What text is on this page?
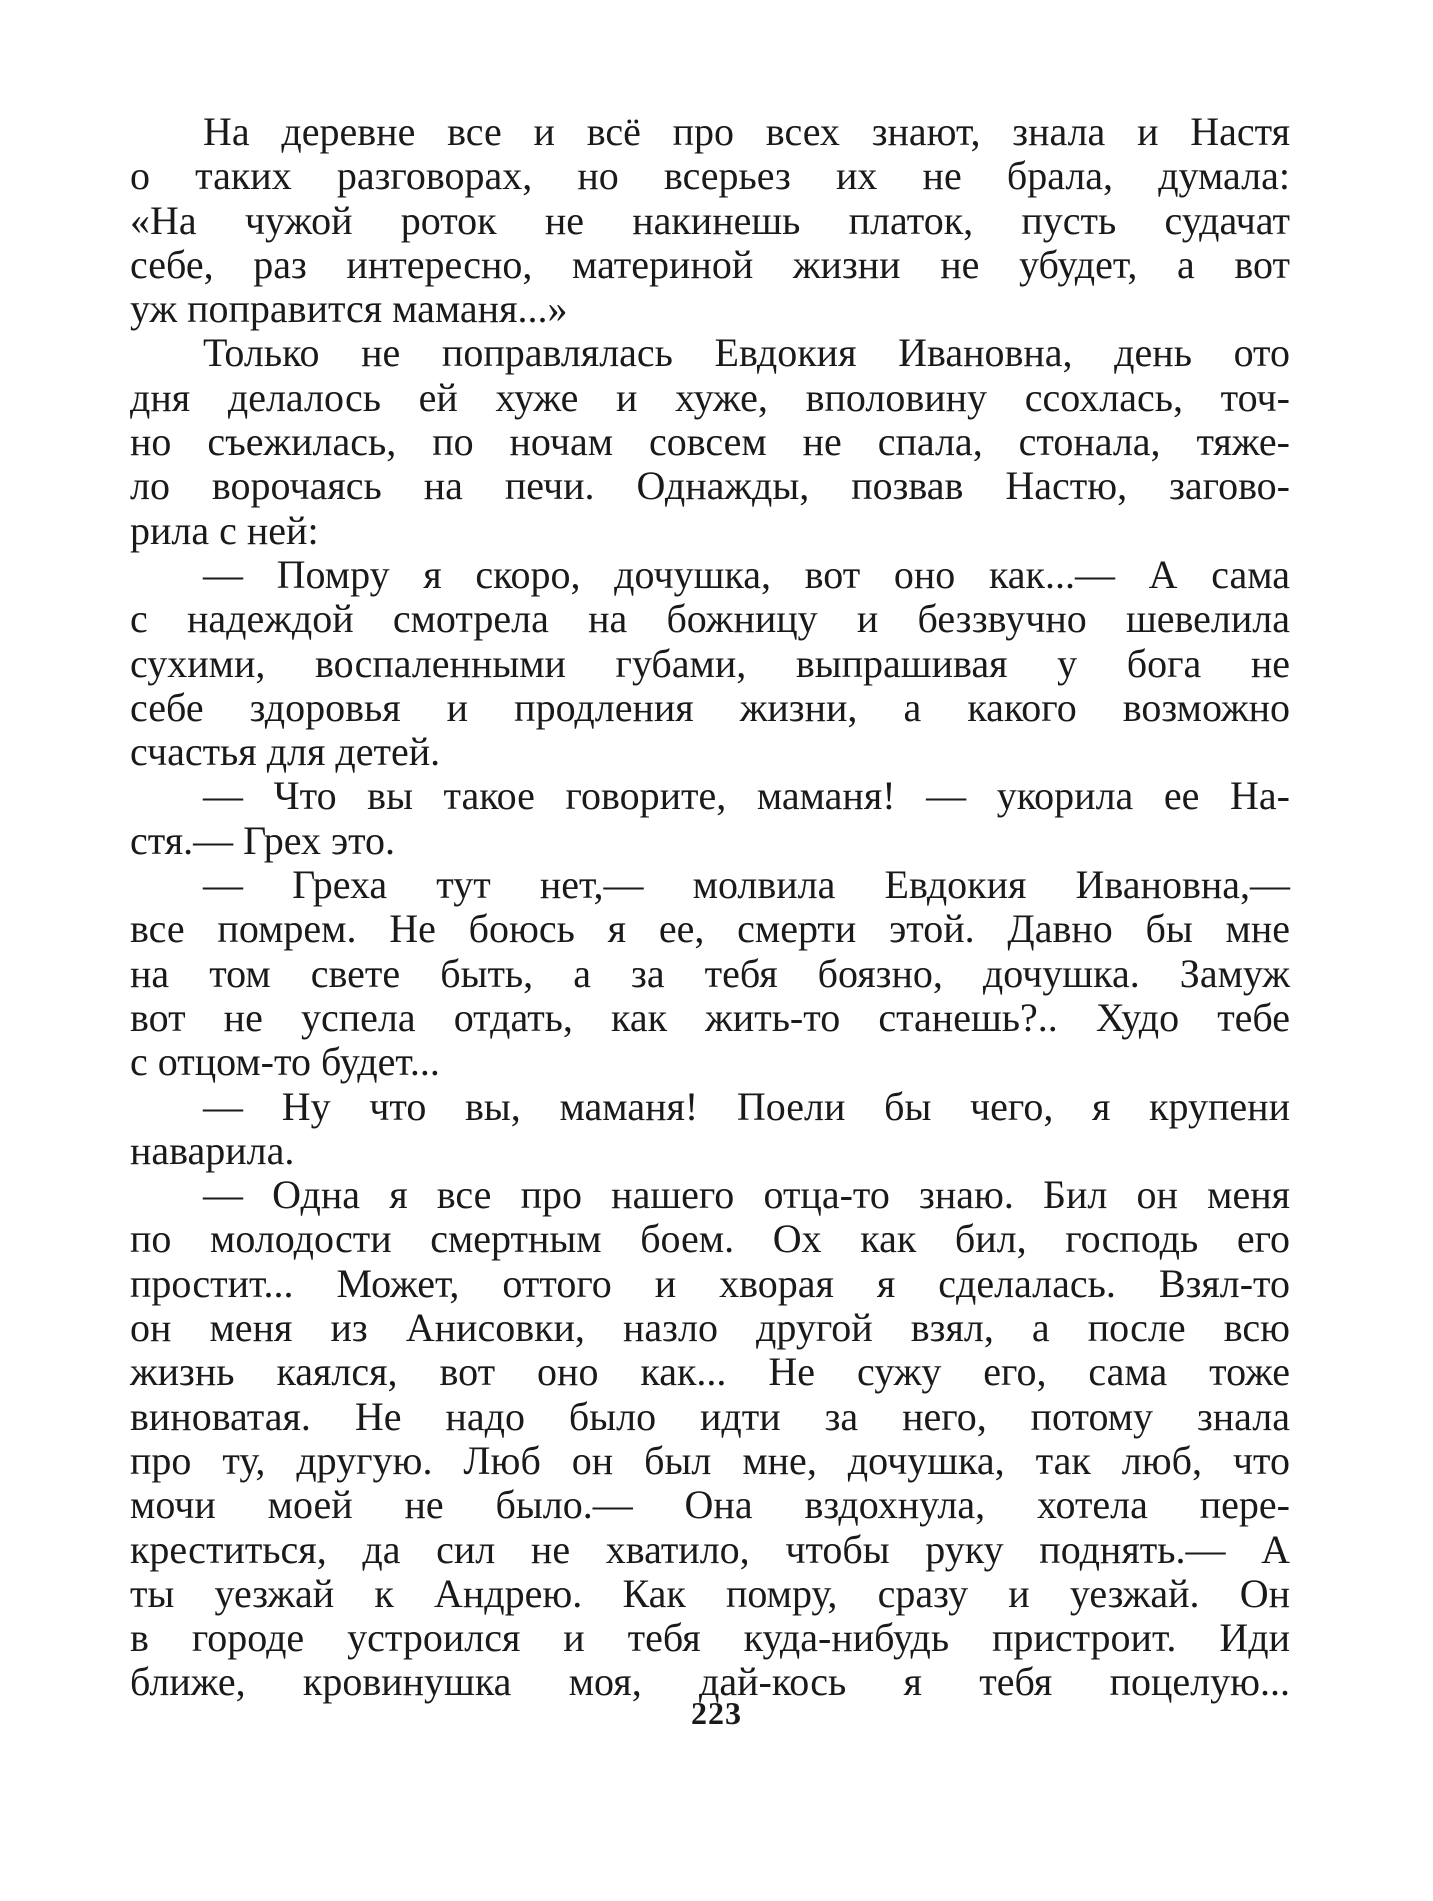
На деревне все и всё про всех знают, знала и Настя
о таких разговорах, но всерьез их не брала, думала:
«На чужой роток не накинешь платок, пусть судачат
себе, раз интересно, материной жизни не убудет, а вот
уж поправится маманя...»
Только не поправлялась Евдокия Ивановна, день ото
дня делалось ей хуже и хуже, вполовину ссохлась, точ-
но съежилась, по ночам совсем не спала, стонала, тяже-
ло ворочаясь на печи. Однажды, позвав Настю, загово-
рила с ней:
— Помру я скоро, дочушка, вот оно как...— А сама
с надеждой смотрела на божницу и беззвучно шевелила
сухими, воспаленными губами, выпрашивая у бога не
себе здоровья и продления жизни, а какого возможно
счастья для детей.
— Что вы такое говорите, маманя! — укорила ее На-
стя.— Грех это.
— Греха тут нет,— молвила Евдокия Ивановна,—
все помрем. Не боюсь я ее, смерти этой. Давно бы мне
на том свете быть, а за тебя боязно, дочушка. Замуж
вот не успела отдать, как жить-то станешь?.. Худо тебе
с отцом-то будет...
— Ну что вы, маманя! Поели бы чего, я крупени
наварила.
— Одна я все про нашего отца-то знаю. Бил он меня
по молодости смертным боем. Ох как бил, господь его
простит... Может, оттого и хворая я сделалась. Взял-то
он меня из Анисовки, назло другой взял, а после всю
жизнь каялся, вот оно как... Не сужу его, сама тоже
виноватая. Не надо было идти за него, потому знала
про ту, другую. Люб он был мне, дочушка, так люб, что
мочи моей не было.— Она вздохнула, хотела пере-
креститься, да сил не хватило, чтобы руку поднять.— А
ты уезжай к Андрею. Как помру, сразу и уезжай. Он
в городе устроился и тебя куда-нибудь пристроит. Иди
ближе, кровинушка моя, дай-кось я тебя поцелую...
223
